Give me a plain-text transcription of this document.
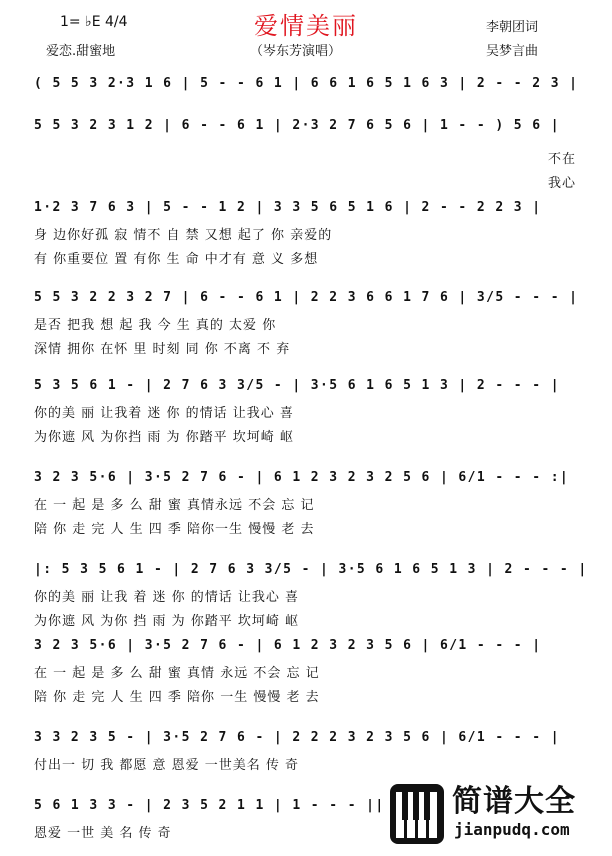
1= ♭E 4/4	爱情美丽	李朝团词
爱恋.甜蜜地	（岑东芳演唱）	吴梦言曲
( 5 5 3 2·3 1 6 | 5 - - 6 1 | 6 6 1 6 5 1 6 3 | 2 - - 2 3 |
5 5 3 2 3 1 2 | 6 - - 6 1 | 2·3 2 7 6 5 6 | 1 - - ) 5 6 |
不在
我心
1·2 3 7 6 3 | 5 - - 1 2 | 3 3 5 6 5 1 6 | 2 - - 2 2 3 |
身 边你好孤 寂 情不 自 禁 又想 起了 你 亲爱的
有 你重要位 置 有你 生 命 中才有 意 义 多想
5 5 3 2 2 3 2 7 | 6 - - 6 1 | 2 2 3 6 6 1 7 6 | 3/5 - - - |
是否 把我 想 起 我 今 生 真的 太爱 你
深情 拥你 在怀 里 时刻 同 你 不离 不 弃
5 3 5 6 1 - | 2 7 6 3 3/5 - | 3·5 6 1 6 5 1 3 | 2 - - - |
你的美 丽 让我着 迷 你 的情话 让我心 喜
为你遮 风 为你挡 雨 为 你踏平 坎坷崎 岖
3 2 3 5·6 | 3·5 2 7 6 - | 6 1 2 3 2 3 2 5 6 | 6/1 - - - :|
在 一 起 是 多 么 甜 蜜 真情永远 不会 忘 记
陪 你 走 完 人 生 四 季 陪你一生 慢慢 老 去
|: 5 3 5 6 1 - | 2 7 6 3 3/5 - | 3·5 6 1 6 5 1 3 | 2 - - - |
你的美 丽 让我 着 迷 你 的情话 让我心 喜
为你遮 风 为你 挡 雨 为 你踏平 坎坷崎 岖
3 2 3 5·6 | 3·5 2 7 6 - | 6 1 2 3 2 3 5 6 | 6/1 - - - |
在 一 起 是 多 么 甜 蜜 真情 永远 不会 忘 记
陪 你 走 完 人 生 四 季 陪你 一生 慢慢 老 去
3 3 2 3 5 - | 3·5 2 7 6 - | 2 2 2 3 2 3 5 6 | 6/1 - - - |
付出一 切 我 都愿 意 恩爱 一世美名 传 奇
5 6 1 3 3 - | 2 3 5 2 1 1 | 1 - - - ||
恩爱 一世 美 名 传 奇
简谱大全
jianpudq.com
